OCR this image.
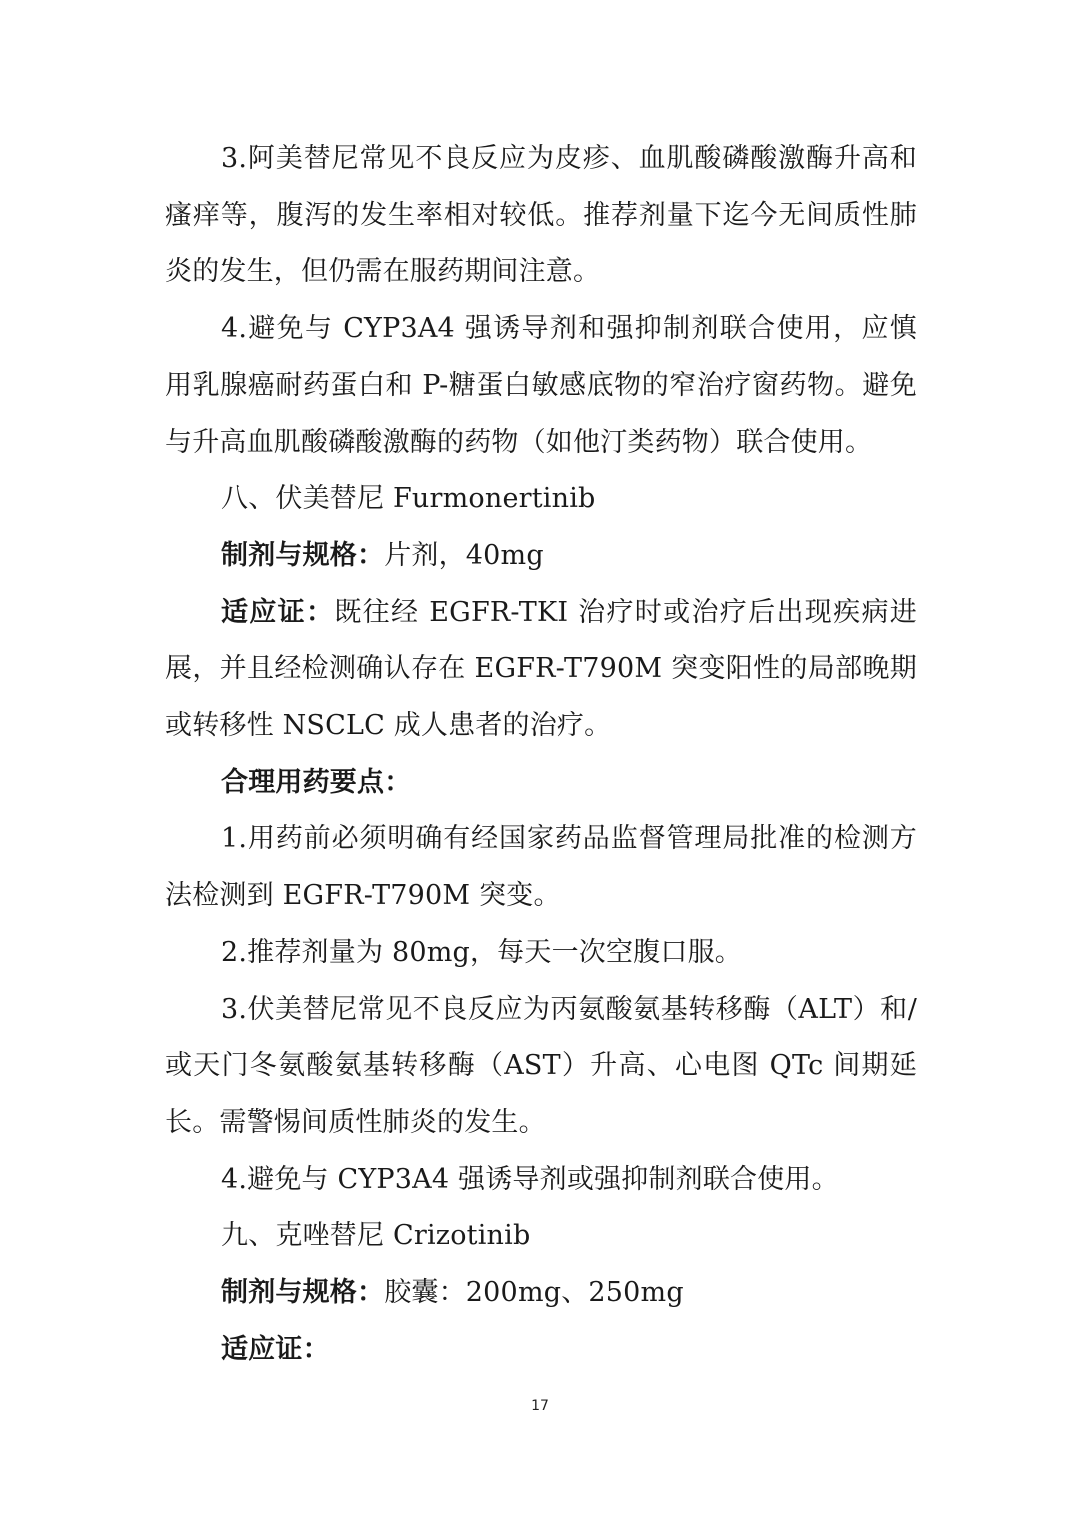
3.阿美替尼常见不良反应为皮疹、血肌酸磷酸激酶升高和瘙痒等，腹泻的发生率相对较低。推荐剂量下迄今无间质性肺炎的发生，但仍需在服药期间注意。

4.避免与 CYP3A4 强诱导剂和强抑制剂联合使用，应慎用乳腺癌耐药蛋白和 P-糖蛋白敏感底物的窄治疗窗药物。避免与升高血肌酸磷酸激酶的药物（如他汀类药物）联合使用。

八、伏美替尼 Furmonertinib

制剂与规格：片剂，40mg

适应证：既往经 EGFR-TKI 治疗时或治疗后出现疾病进展，并且经检测确认存在 EGFR-T790M 突变阳性的局部晚期或转移性 NSCLC 成人患者的治疗。

合理用药要点：

1.用药前必须明确有经国家药品监督管理局批准的检测方法检测到 EGFR-T790M 突变。

2.推荐剂量为 80mg，每天一次空腹口服。

3.伏美替尼常见不良反应为丙氨酸氨基转移酶（ALT）和/或天门冬氨酸氨基转移酶（AST）升高、心电图 QTc 间期延长。需警惕间质性肺炎的发生。

4.避免与 CYP3A4 强诱导剂或强抑制剂联合使用。

九、克唑替尼 Crizotinib

制剂与规格：胶囊：200mg、250mg

适应证：

17
